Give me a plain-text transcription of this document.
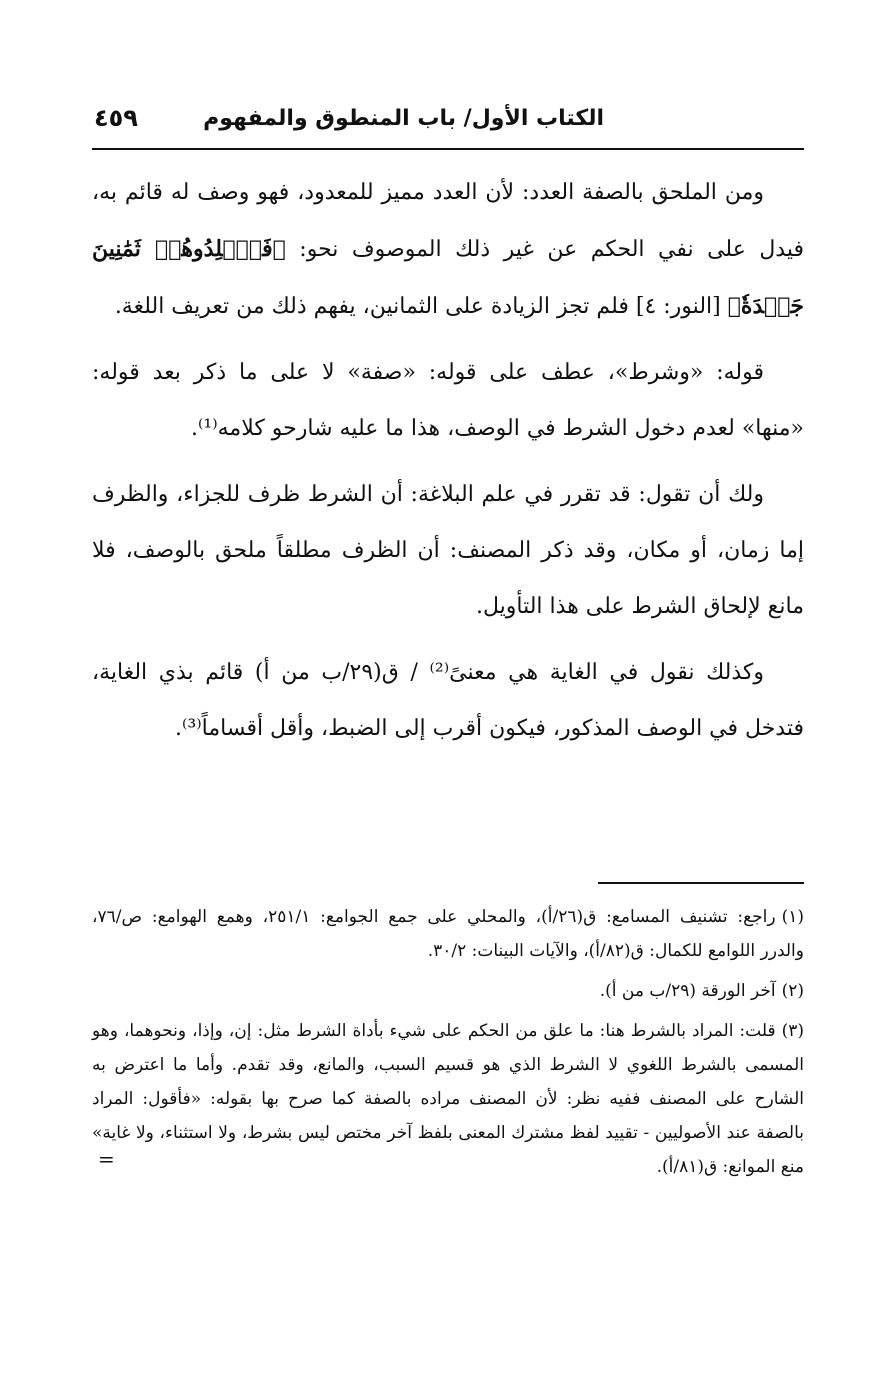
الكتاب الأول/ باب المنطوق والمفهوم
٤٥٩

ومن الملحق بالصفة العدد: لأن العدد مميز للمعدود، فهو وصف له قائم به، فيدل على نفي الحكم عن غير ذلك الموصوف نحو: ﴿فَٱجۡلِدُوهُمۡ ثَمَٰنِينَ جَلۡدَةٗ﴾ [النور: ٤] فلم تجز الزيادة على الثمانين، يفهم ذلك من تعريف اللغة.

قوله: «وشرط»، عطف على قوله: «صفة» لا على ما ذكر بعد قوله: «منها» لعدم دخول الشرط في الوصف، هذا ما عليه شارحو كلامه⁽¹⁾.

ولك أن تقول: قد تقرر في علم البلاغة: أن الشرط ظرف للجزاء، والظرف إما زمان، أو مكان، وقد ذكر المصنف: أن الظرف مطلقاً ملحق بالوصف، فلا مانع لإلحاق الشرط على هذا التأويل.

وكذلك نقول في الغاية هي معنىً⁽²⁾ / ق(٢٩/ب من أ) قائم بذي الغاية، فتدخل في الوصف المذكور، فيكون أقرب إلى الضبط، وأقل أقساماً⁽³⁾.

(١)راجع: تشنيف المسامع: ق(٢٦/أ)، والمحلي على جمع الجوامع: ٢٥١/١، وهمع الهوامع: ص/٧٦، والدرر اللوامع للكمال: ق(٨٢/أ)، والآيات البينات: ٣٠/٢.

(٢)آخر الورقة (٢٩/ب من أ).

(٣)قلت: المراد بالشرط هنا: ما علق من الحكم على شيء بأداة الشرط مثل: إن، وإذا، ونحوهما، وهو المسمى بالشرط اللغوي لا الشرط الذي هو قسيم السبب، والمانع، وقد تقدم. وأما ما اعترض به الشارح على المصنف ففيه نظر: لأن المصنف مراده بالصفة كما صرح بها بقوله: «فأقول: المراد بالصفة عند الأصوليين - تقييد لفظ مشترك المعنى بلفظ آخر مختص ليس بشرط، ولا استثناء، ولا غاية» منع الموانع: ق(٨١/أ).

=
